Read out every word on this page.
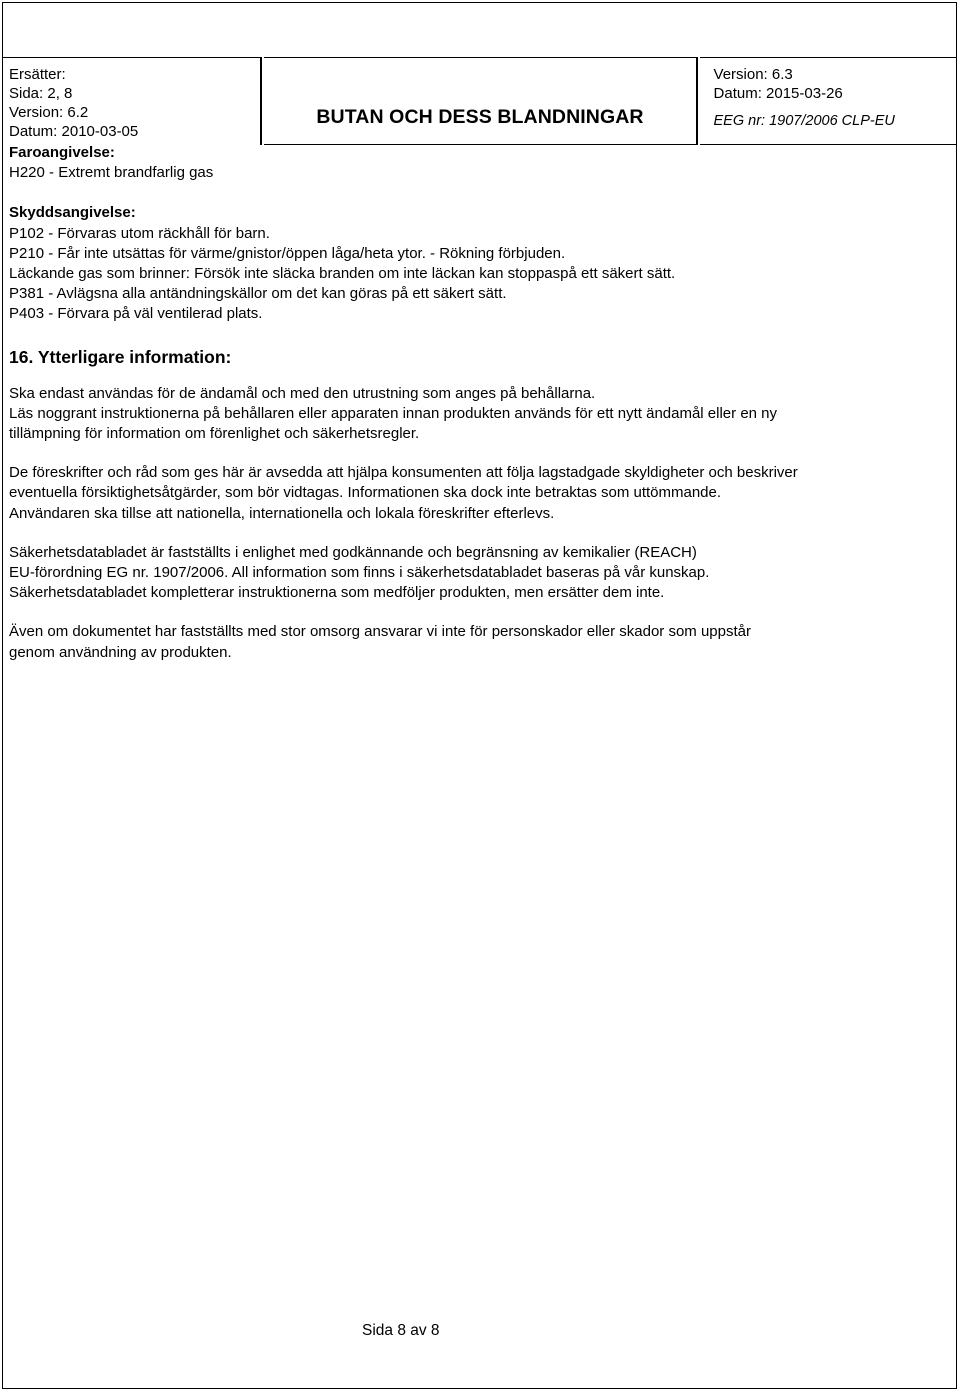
Ersätter:
Sida: 2, 8
Version: 6.2
Datum: 2010-03-05
BUTAN OCH DESS BLANDNINGAR
Version: 6.3
Datum: 2015-03-26
EEG nr: 1907/2006 CLP-EU
Faroangivelse:
H220 - Extremt brandfarlig gas
Skyddsangivelse:
P102 - Förvaras utom räckhåll för barn.
P210 - Får inte utsättas för värme/gnistor/öppen låga/heta ytor. - Rökning förbjuden.
Läckande gas som brinner: Försök inte släcka branden om inte läckan kan stoppaspå ett säkert sätt.
P381 - Avlägsna alla antändningskällor om det kan göras på ett säkert sätt.
P403 - Förvara på väl ventilerad plats.
16. Ytterligare information:
Ska endast användas för de ändamål och med den utrustning som anges på behållarna.
Läs noggrant instruktionerna på behållaren eller apparaten innan produkten används för ett nytt ändamål eller en ny
tillämpning för information om förenlighet och säkerhetsregler.
De föreskrifter och råd som ges här är avsedda att hjälpa konsumenten att följa lagstadgade skyldigheter och beskriver
eventuella försiktighetsåtgärder, som bör vidtagas. Informationen ska dock inte betraktas som uttömmande.
Användaren ska tillse att nationella, internationella och lokala föreskrifter efterlevs.
Säkerhetsdatabladet är fastställts i enlighet med godkännande och begränsning av kemikalier (REACH)
EU-förordning EG nr. 1907/2006. All information som finns i säkerhetsdatabladet baseras på vår kunskap.
Säkerhetsdatabladet kompletterar instruktionerna som medföljer produkten, men ersätter dem inte.
Även om dokumentet har fastställts med stor omsorg ansvarar vi inte för personskador eller skador som uppstår
genom användning av produkten.
Sida 8 av 8
